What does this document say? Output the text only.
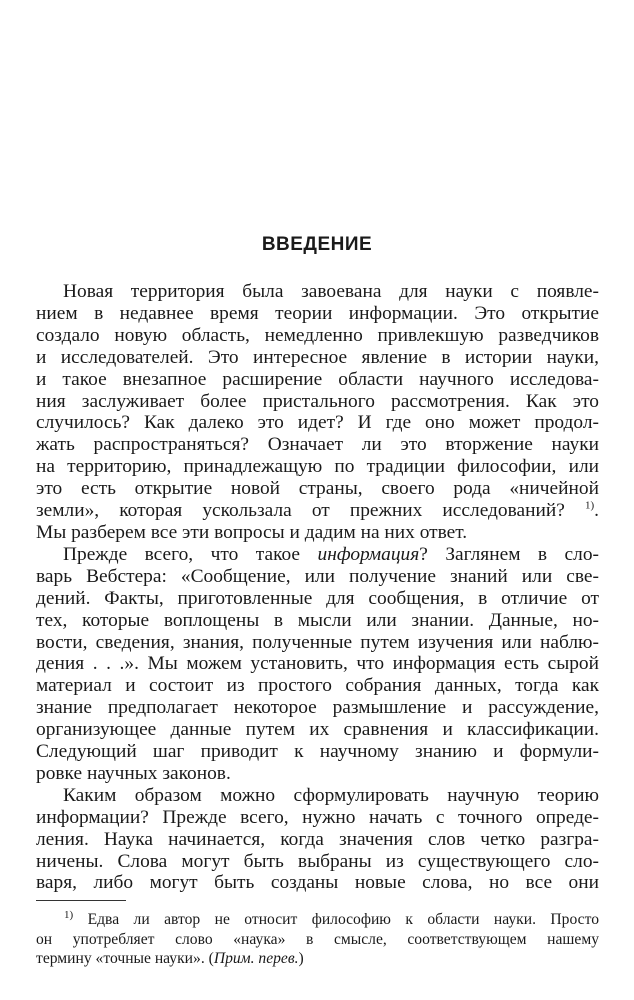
ВВЕДЕНИЕ
Новая территория была завоевана для науки с появле-
нием в недавнее время теории информации. Это открытие
создало новую область, немедленно привлекшую разведчиков
и исследователей. Это интересное явление в истории науки,
и такое внезапное расширение области научного исследова-
ния заслуживает более пристального рассмотрения. Как это
случилось? Как далеко это идет? И где оно может продол-
жать распространяться? Означает ли это вторжение науки
на территорию, принадлежащую по традиции философии, или
это есть открытие новой страны, своего рода «ничейной
земли», которая ускользала от прежних исследований? $^{1)}$.
Мы разберем все эти вопросы и дадим на них ответ.
Прежде всего, что такое информация? Заглянем в сло-
варь Вебстера: «Сообщение, или получение знаний или све-
дений. Факты, приготовленные для сообщения, в отличие от
тех, которые воплощены в мысли или знании. Данные, но-
вости, сведения, знания, полученные путем изучения или наблю-
дения . . .». Мы можем установить, что информация есть сырой
материал и состоит из простого собрания данных, тогда как
знание предполагает некоторое размышление и рассуждение,
организующее данные путем их сравнения и классификации.
Следующий шаг приводит к научному знанию и формули-
ровке научных законов.
Каким образом можно сформулировать научную теорию
информации? Прежде всего, нужно начать с точного опреде-
ления. Наука начинается, когда значения слов четко разгра-
ничены. Слова могут быть выбраны из существующего сло-
варя, либо могут быть созданы новые слова, но все они
$^{1)}$ Едва ли автор не относит философию к области науки. Просто
он употребляет слово «наука» в смысле, соответствующем нашему
термину «точные науки». (Прим. перев.)
